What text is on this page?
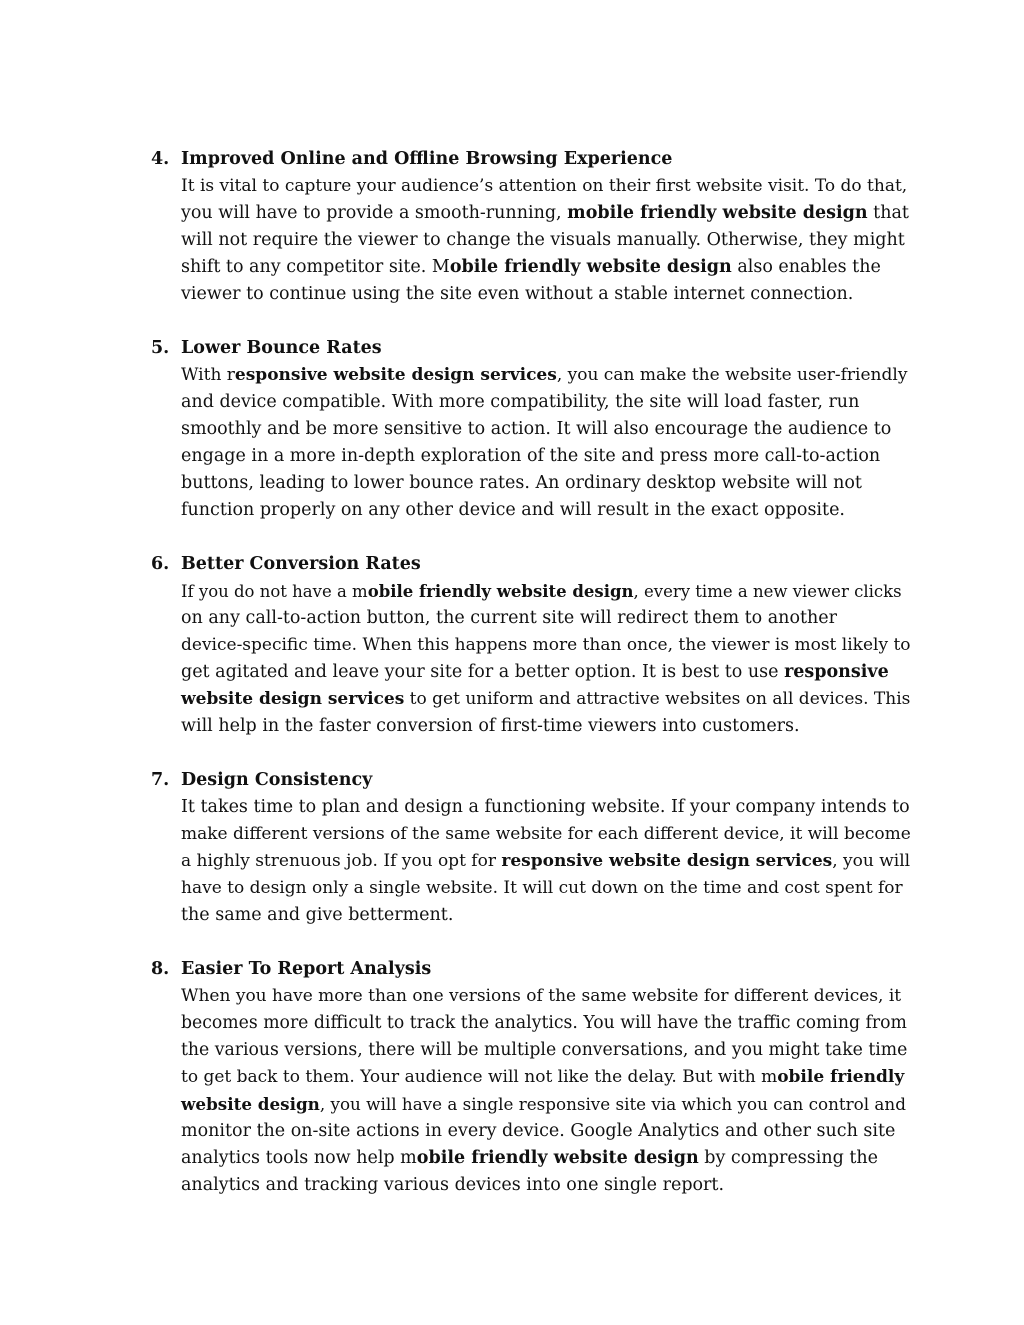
4. Improved Online and Offline Browsing Experience
It is vital to capture your audience’s attention on their first website visit. To do that,
you will have to provide a smooth-running, mobile friendly website design that
will not require the viewer to change the visuals manually. Otherwise, they might
shift to any competitor site. Mobile friendly website design also enables the
viewer to continue using the site even without a stable internet connection.
5. Lower Bounce Rates
With responsive website design services, you can make the website user-friendly
and device compatible. With more compatibility, the site will load faster, run
smoothly and be more sensitive to action. It will also encourage the audience to
engage in a more in-depth exploration of the site and press more call-to-action
buttons, leading to lower bounce rates. An ordinary desktop website will not
function properly on any other device and will result in the exact opposite.
6. Better Conversion Rates
If you do not have a mobile friendly website design, every time a new viewer clicks
on any call-to-action button, the current site will redirect them to another
device-specific time. When this happens more than once, the viewer is most likely to
get agitated and leave your site for a better option. It is best to use responsive
website design services to get uniform and attractive websites on all devices. This
will help in the faster conversion of first-time viewers into customers.
7. Design Consistency
It takes time to plan and design a functioning website. If your company intends to
make different versions of the same website for each different device, it will become
a highly strenuous job. If you opt for responsive website design services, you will
have to design only a single website. It will cut down on the time and cost spent for
the same and give betterment.
8. Easier To Report Analysis
When you have more than one versions of the same website for different devices, it
becomes more difficult to track the analytics. You will have the traffic coming from
the various versions, there will be multiple conversations, and you might take time
to get back to them. Your audience will not like the delay. But with mobile friendly
website design, you will have a single responsive site via which you can control and
monitor the on-site actions in every device. Google Analytics and other such site
analytics tools now help mobile friendly website design by compressing the
analytics and tracking various devices into one single report.
